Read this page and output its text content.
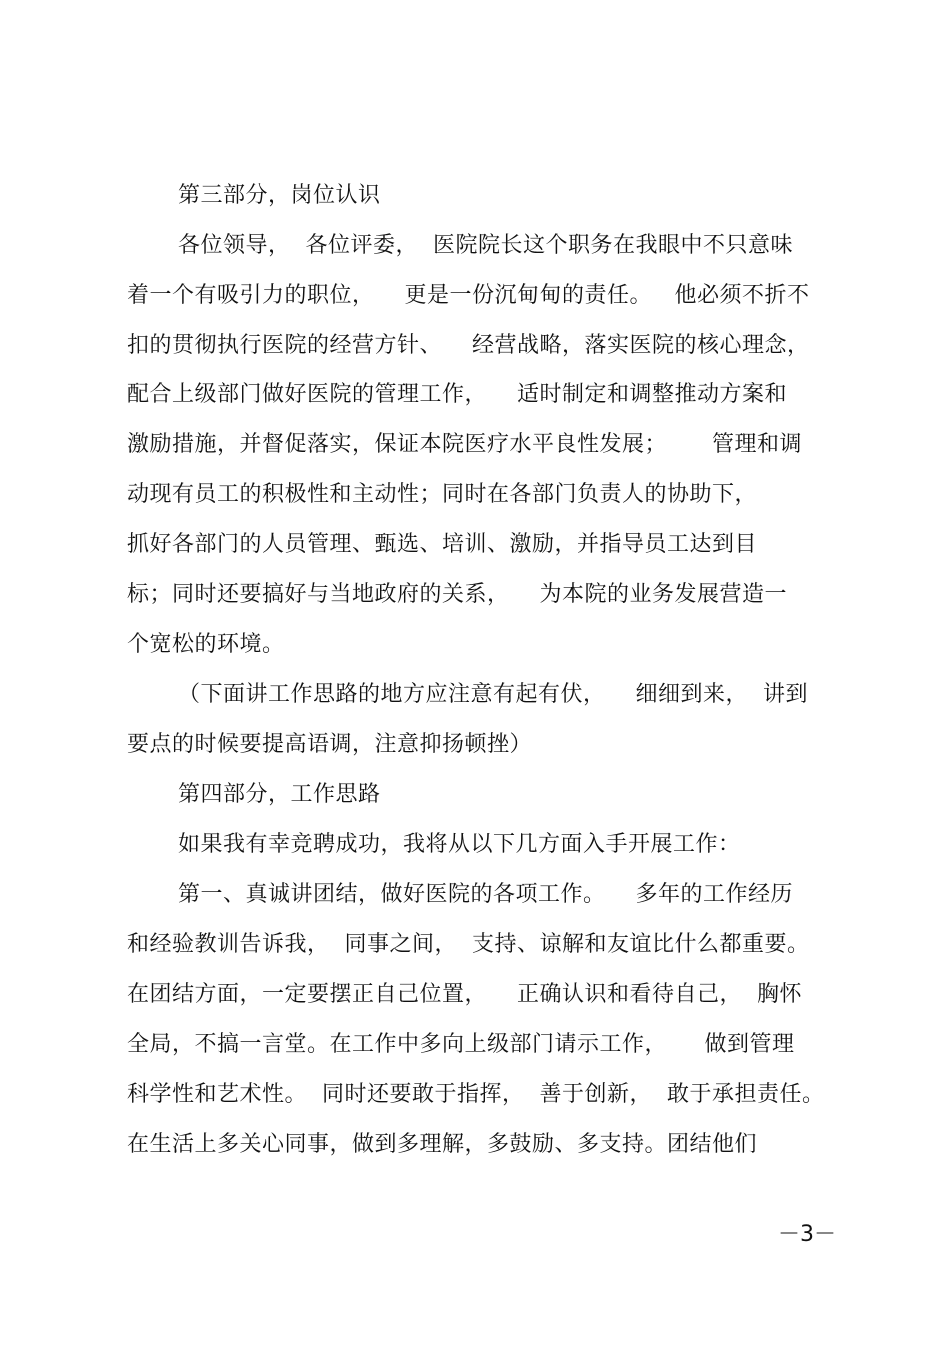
第三部分，岗位认识
各位领导，  各位评委，  医院院长这个职务在我眼中不只意味
着一个有吸引力的职位，    更是一份沉甸甸的责任。   他必须不折不
扣的贯彻执行医院的经营方针、    经营战略，落实医院的核心理念，
配合上级部门做好医院的管理工作，    适时制定和调整推动方案和
激励措施，并督促落实，保证本院医疗水平良性发展；      管理和调
动现有员工的积极性和主动性；同时在各部门负责人的协助下，
抓好各部门的人员管理、甄选、培训、激励，并指导员工达到目
标；同时还要搞好与当地政府的关系，    为本院的业务发展营造一
个宽松的环境。
（下面讲工作思路的地方应注意有起有伏，    细细到来，  讲到
要点的时候要提高语调，注意抑扬顿挫）
第四部分，工作思路
如果我有幸竞聘成功，我将从以下几方面入手开展工作：
第一、真诚讲团结，做好医院的各项工作。    多年的工作经历
和经验教训告诉我，  同事之间，  支持、谅解和友谊比什么都重要。
在团结方面，一定要摆正自己位置，    正确认识和看待自己，  胸怀
全局，不搞一言堂。在工作中多向上级部门请示工作，     做到管理
科学性和艺术性。  同时还要敢于指挥，  善于创新，  敢于承担责任。
在生活上多关心同事，做到多理解，多鼓励、多支持。团结他们
－3－
